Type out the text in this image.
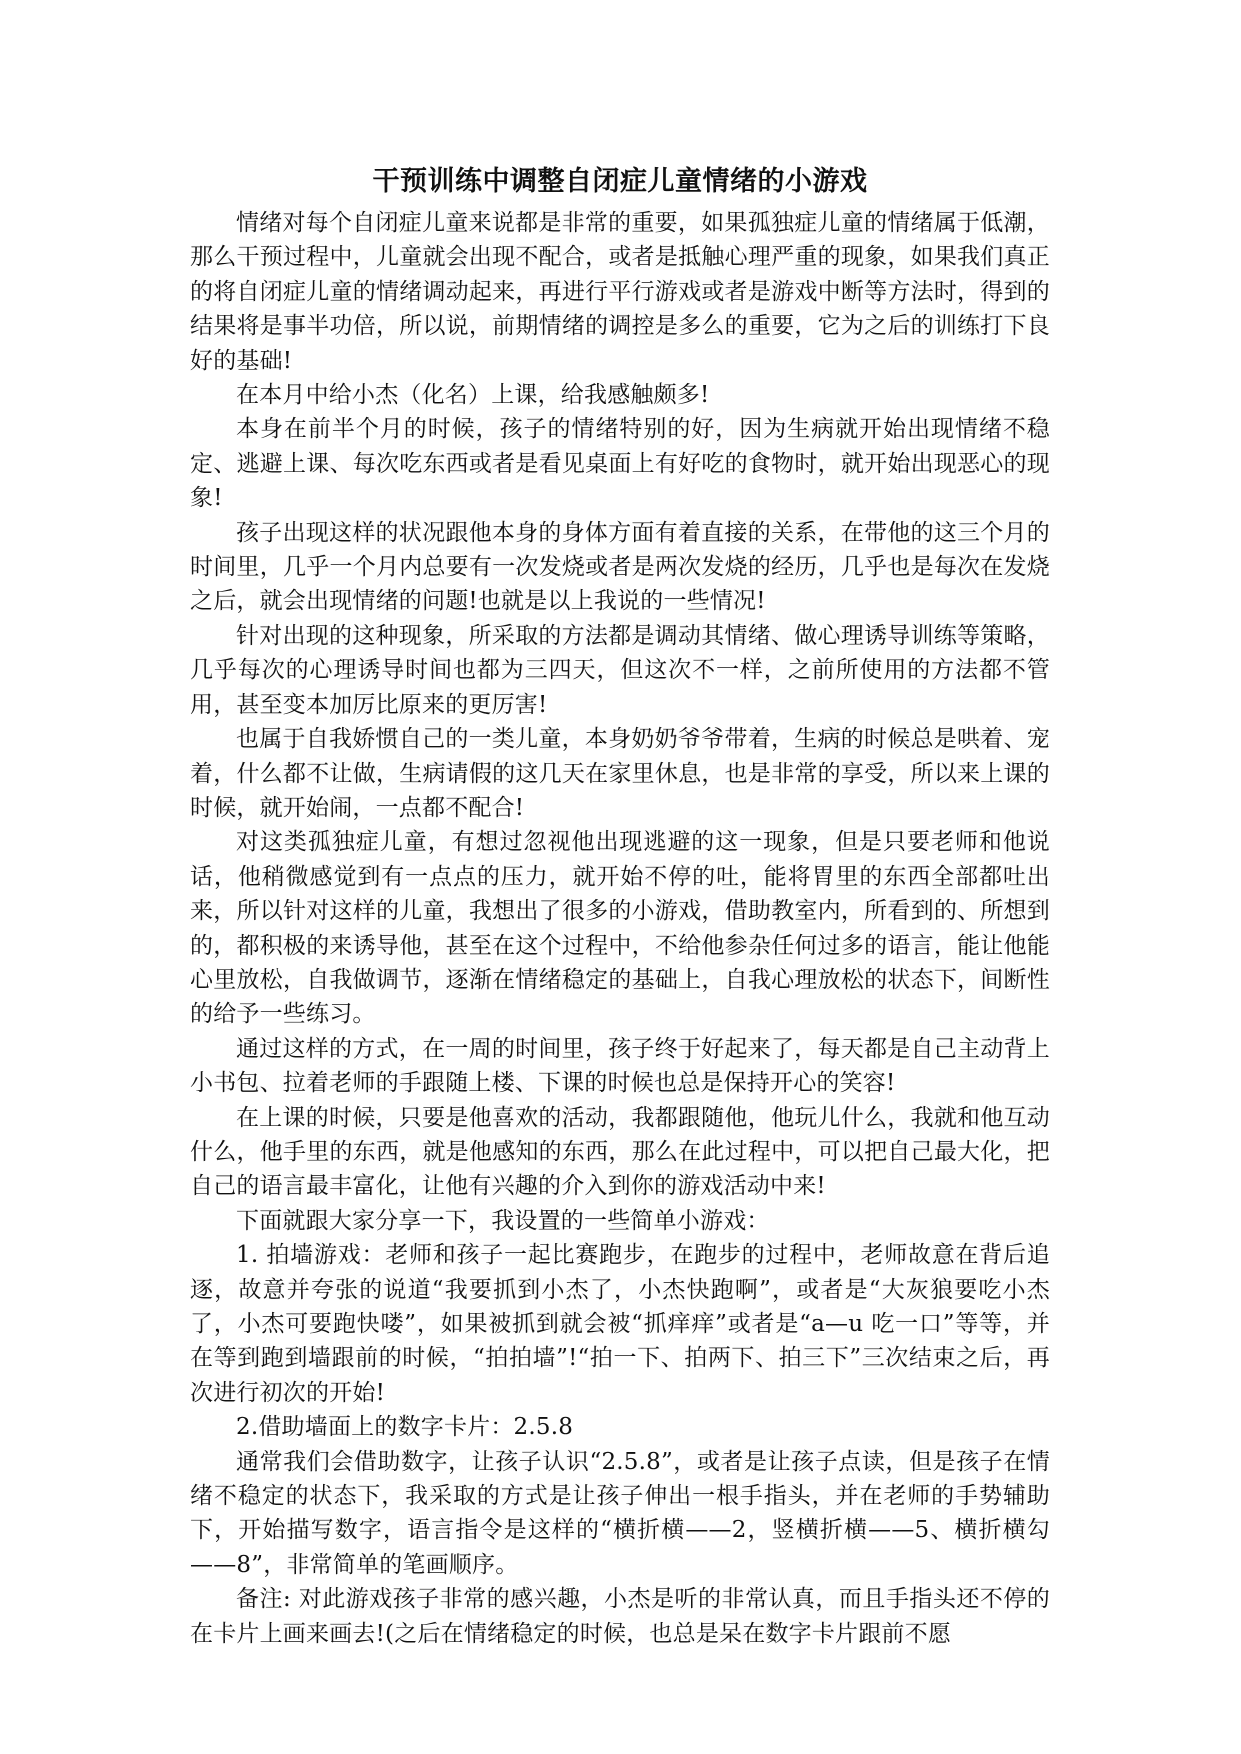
干预训练中调整自闭症儿童情绪的小游戏

情绪对每个自闭症儿童来说都是非常的重要，如果孤独症儿童的情绪属于低潮，那么干预过程中，儿童就会出现不配合，或者是抵触心理严重的现象，如果我们真正的将自闭症儿童的情绪调动起来，再进行平行游戏或者是游戏中断等方法时，得到的结果将是事半功倍，所以说，前期情绪的调控是多么的重要，它为之后的训练打下良好的基础!

在本月中给小杰（化名）上课，给我感触颇多!

本身在前半个月的时候，孩子的情绪特别的好，因为生病就开始出现情绪不稳定、逃避上课、每次吃东西或者是看见桌面上有好吃的食物时，就开始出现恶心的现象!

孩子出现这样的状况跟他本身的身体方面有着直接的关系，在带他的这三个月的时间里，几乎一个月内总要有一次发烧或者是两次发烧的经历，几乎也是每次在发烧之后，就会出现情绪的问题!也就是以上我说的一些情况!

针对出现的这种现象，所采取的方法都是调动其情绪、做心理诱导训练等策略，几乎每次的心理诱导时间也都为三四天，但这次不一样，之前所使用的方法都不管用，甚至变本加厉比原来的更厉害!

也属于自我娇惯自己的一类儿童，本身奶奶爷爷带着，生病的时候总是哄着、宠着，什么都不让做，生病请假的这几天在家里休息，也是非常的享受，所以来上课的时候，就开始闹，一点都不配合!

对这类孤独症儿童，有想过忽视他出现逃避的这一现象，但是只要老师和他说话，他稍微感觉到有一点点的压力，就开始不停的吐，能将胃里的东西全部都吐出来，所以针对这样的儿童，我想出了很多的小游戏，借助教室内，所看到的、所想到的，都积极的来诱导他，甚至在这个过程中，不给他参杂任何过多的语言，能让他能心里放松，自我做调节，逐渐在情绪稳定的基础上，自我心理放松的状态下，间断性的给予一些练习。

通过这样的方式，在一周的时间里，孩子终于好起来了，每天都是自己主动背上小书包、拉着老师的手跟随上楼、下课的时候也总是保持开心的笑容!

在上课的时候，只要是他喜欢的活动，我都跟随他，他玩儿什么，我就和他互动什么，他手里的东西，就是他感知的东西，那么在此过程中，可以把自己最大化，把自己的语言最丰富化，让他有兴趣的介入到你的游戏活动中来!

下面就跟大家分享一下，我设置的一些简单小游戏：

1. 拍墙游戏：老师和孩子一起比赛跑步，在跑步的过程中，老师故意在背后追逐，故意并夸张的说道“我要抓到小杰了，小杰快跑啊”，或者是“大灰狼要吃小杰了，小杰可要跑快喽”，如果被抓到就会被“抓痒痒”或者是“a—u 吃一口”等等，并在等到跑到墙跟前的时候，“拍拍墙”!“拍一下、拍两下、拍三下”三次结束之后，再次进行初次的开始!

2.借助墙面上的数字卡片：2.5.8

通常我们会借助数字，让孩子认识“2.5.8”，或者是让孩子点读，但是孩子在情绪不稳定的状态下，我采取的方式是让孩子伸出一根手指头，并在老师的手势辅助下，开始描写数字，语言指令是这样的“横折横——2，竖横折横——5、横折横勾——8”，非常简单的笔画顺序。

备注: 对此游戏孩子非常的感兴趣，小杰是听的非常认真，而且手指头还不停的在卡片上画来画去!(之后在情绪稳定的时候，也总是呆在数字卡片跟前不愿
